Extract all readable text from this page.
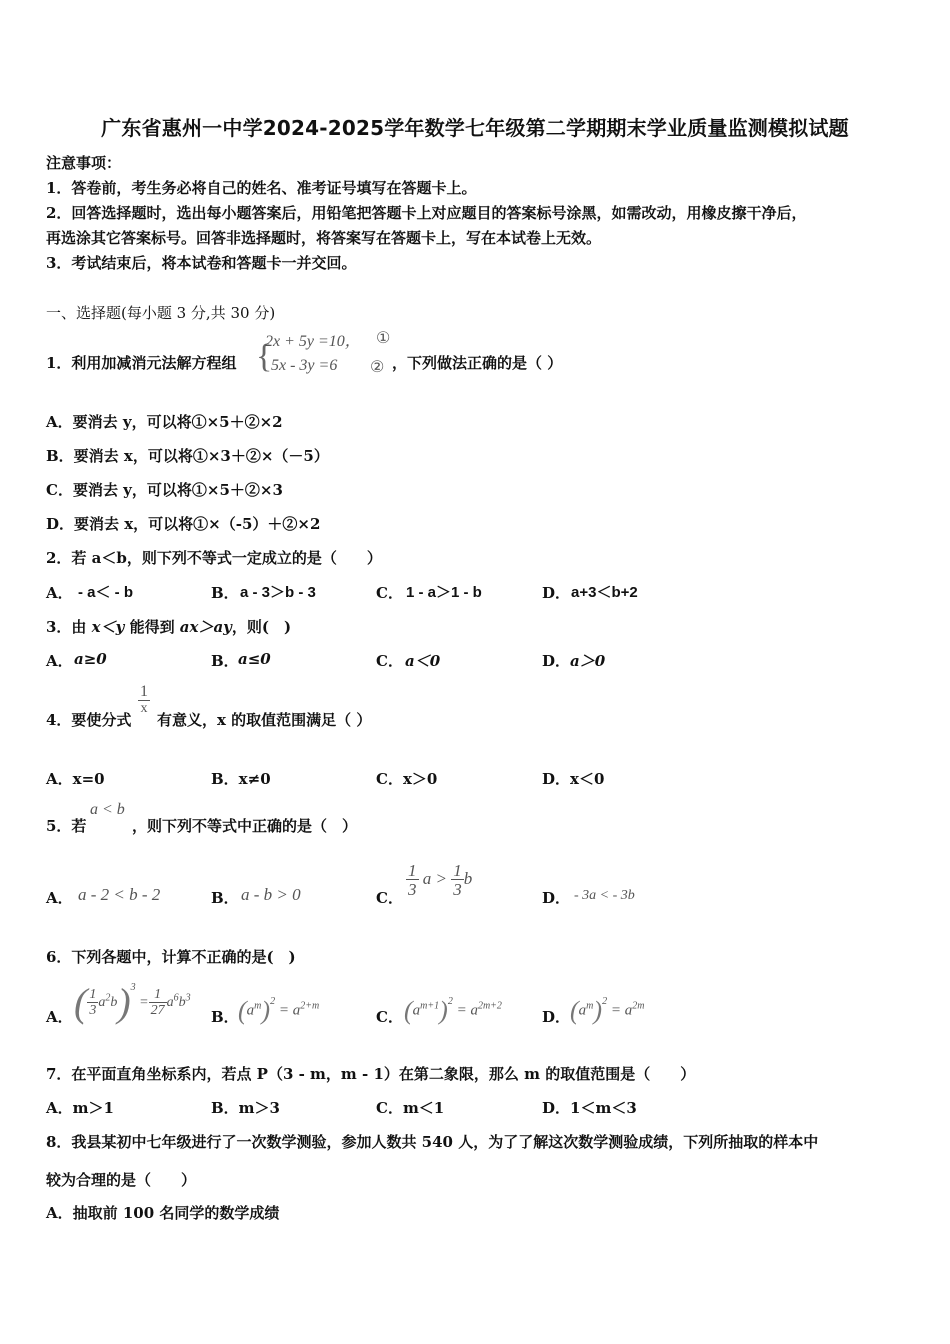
广东省惠州一中学2024-2025学年数学七年级第二学期期末学业质量监测模拟试题
注意事项：
1．答卷前，考生务必将自己的姓名、准考证号填写在答题卡上。
2．回答选择题时，选出每小题答案后，用铅笔把答题卡上对应题目的答案标号涂黑，如需改动，用橡皮擦干净后，
再选涂其它答案标号。回答非选择题时，将答案写在答题卡上，写在本试卷上无效。
3．考试结束后，将本试卷和答题卡一并交回。
一、选择题(每小题 3 分,共 30 分)
1．利用加减消元法解方程组 {
2x + 5y =10， ①
5x - 3y =6 ② ，下列做法正确的是（ ）
A．要消去 y，可以将①×5＋②×2
B．要消去 x，可以将①×3＋②×（－5）
C．要消去 y，可以将①×5＋②×3
D．要消去 x，可以将①×（-5）＋②×2
2．若 a＜b，则下列不等式一定成立的是（　　）
A． - a＜ - b	B． a - 3＞b - 3	C． 1 - a＞1 - b	D． a+3＜b+2
3．由 x＜y 能得到 ax＞ay，则(　)
A． a≥0	B． a≤0	C． a＜0	D． a＞0
4．要使分式
$\frac{1}{x}$
有意义，x 的取值范围满足（ ）
A．x=0	B．x≠0	C．x＞0	D．x＜0
5．若
a < b
，则下列不等式中正确的是（　）
A． a - 2 < b - 2	B． a - b > 0	C． $\frac{1}{3}$ $a > \frac{1}{3}$ b
D． - 3a < - 3b
6．下列各题中，计算不正确的是(　)
A． ( $\frac{1}{3} a^2b)^3 = \frac{1}{27} a^6b^3$
B． $(a^m)^2 = a^{2+m}$
C． $(a^{m+1})^2 = a^{2m+2}$
D． $(a^m)^2 = a^{2m}$
7．在平面直角坐标系内，若点 P（3 - m，m - 1）在第二象限，那么 m 的取值范围是（　　）
A．m＞1	B．m＞3	C．m＜1	D．1＜m＜3
8．我县某初中七年级进行了一次数学测验，参加人数共 540 人，为了了解这次数学测验成绩，下列所抽取的样本中
较为合理的是（　　）
A．抽取前 100 名同学的数学成绩
